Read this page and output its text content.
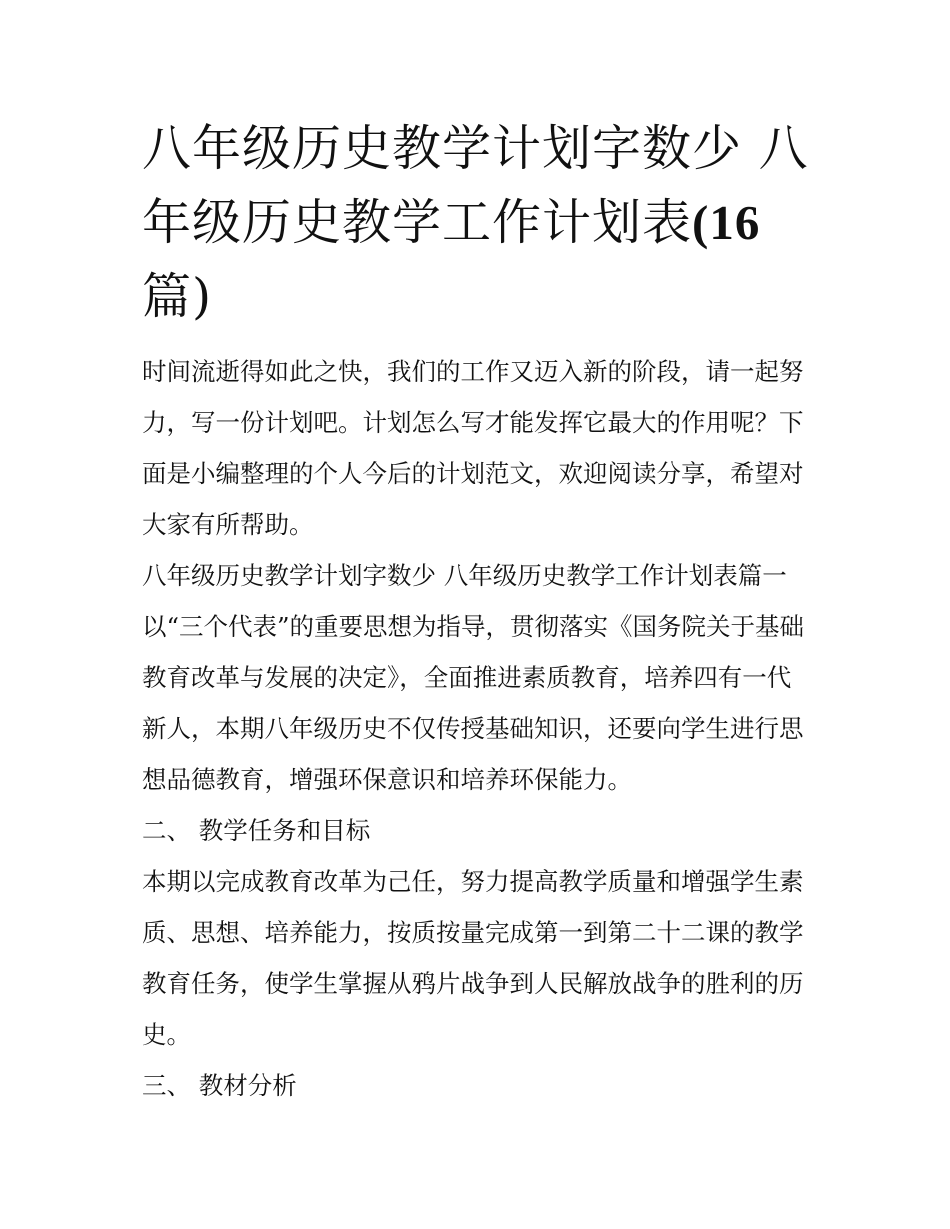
八年级历史教学计划字数少 八年级历史教学工作计划表(16
篇)

时间流逝得如此之快，我们的工作又迈入新的阶段，请一起努力，写一份计划吧。计划怎么写才能发挥它最大的作用呢？下面是小编整理的个人今后的计划范文，欢迎阅读分享，希望对大家有所帮助。

八年级历史教学计划字数少 八年级历史教学工作计划表篇一

以“三个代表”的重要思想为指导，贯彻落实《国务院关于基础教育改革与发展的决定》，全面推进素质教育，培养四有一代新人，本期八年级历史不仅传授基础知识，还要向学生进行思想品德教育，增强环保意识和培养环保能力。

二、 教学任务和目标

本期以完成教育改革为己任，努力提高教学质量和增强学生素质、思想、培养能力，按质按量完成第一到第二十二课的教学教育任务，使学生掌握从鸦片战争到人民解放战争的胜利的历史。

三、 教材分析
